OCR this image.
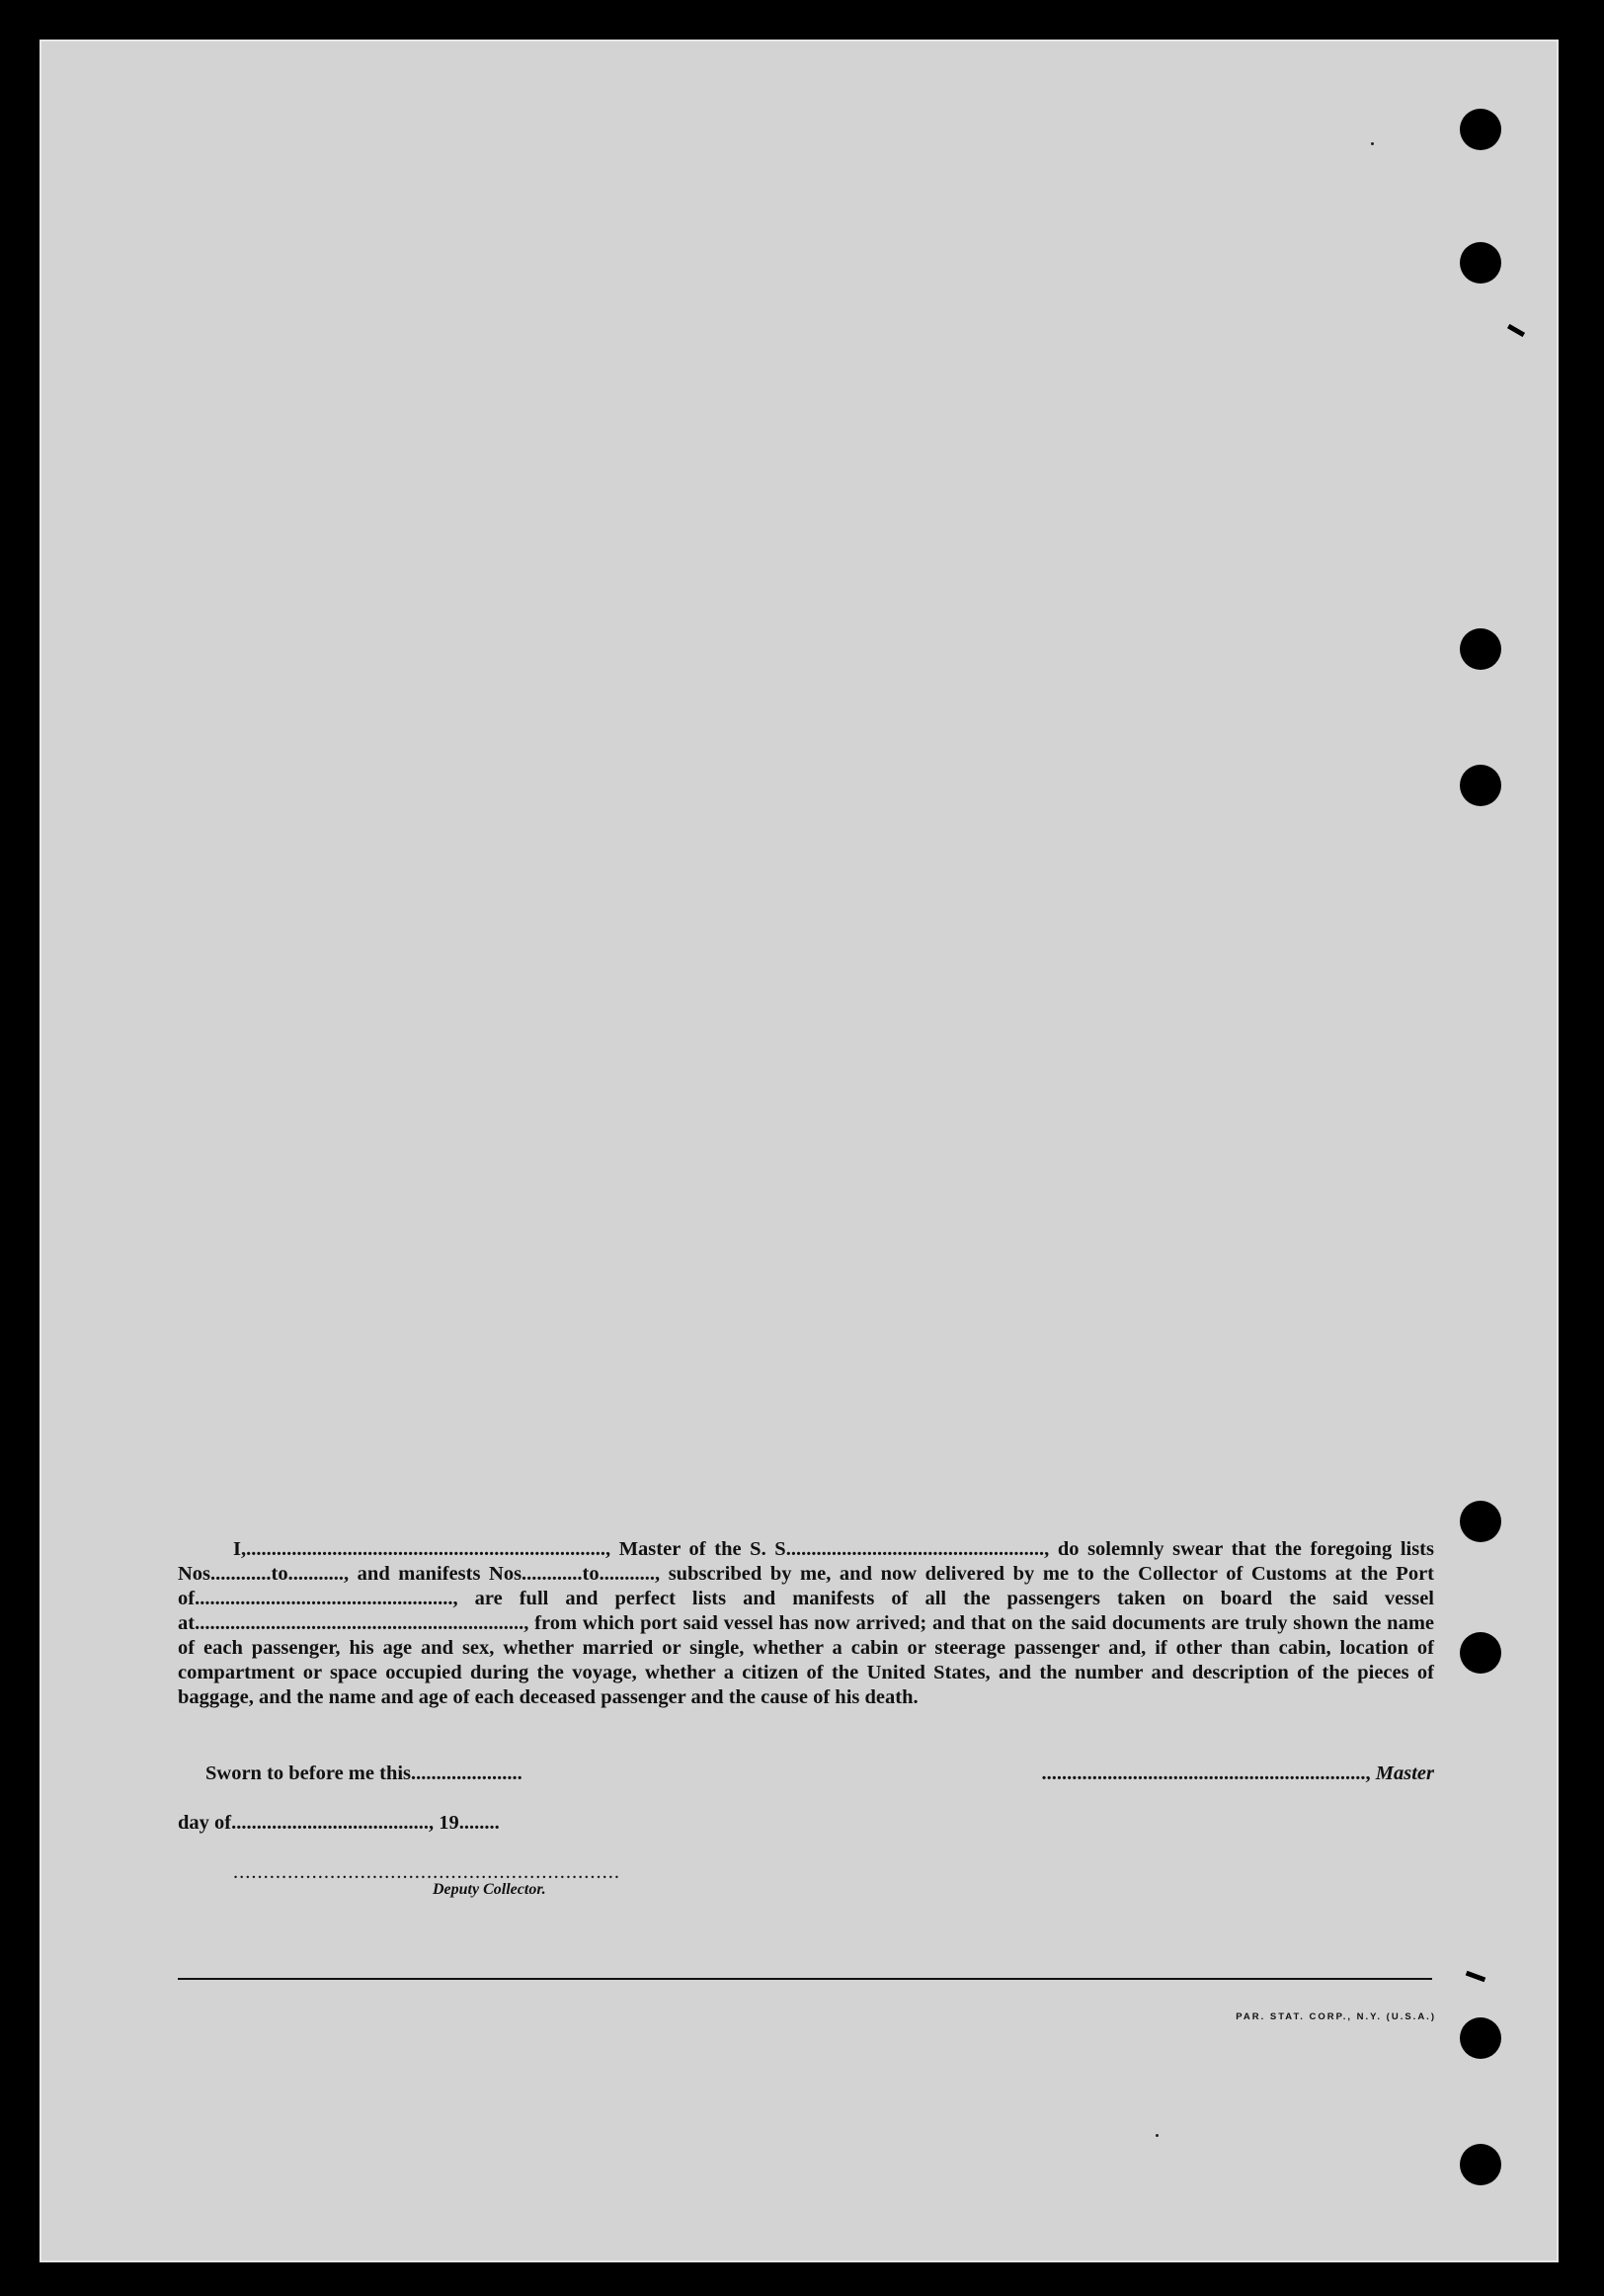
I,......................................................................., Master of the S. S..................................................., do solemnly swear that the foregoing lists Nos............to..........., and manifests Nos............to..........., subscribed by me, and now delivered by me to the Collector of Customs at the Port of..................................................., are full and perfect lists and manifests of all the passengers taken on board the said vessel at................................................................., from which port said vessel has now arrived; and that on the said documents are truly shown the name of each passenger, his age and sex, whether married or single, whether a cabin or steerage passenger and, if other than cabin, location of compartment or space occupied during the voyage, whether a citizen of the United States, and the number and description of the pieces of baggage, and the name and age of each deceased passenger and the cause of his death.
Sworn to before me this......................	................................................................, Master
day of......................................., 19........
................................................................
Deputy Collector.
PAR. STAT. CORP., N.Y. (U.S.A.)
